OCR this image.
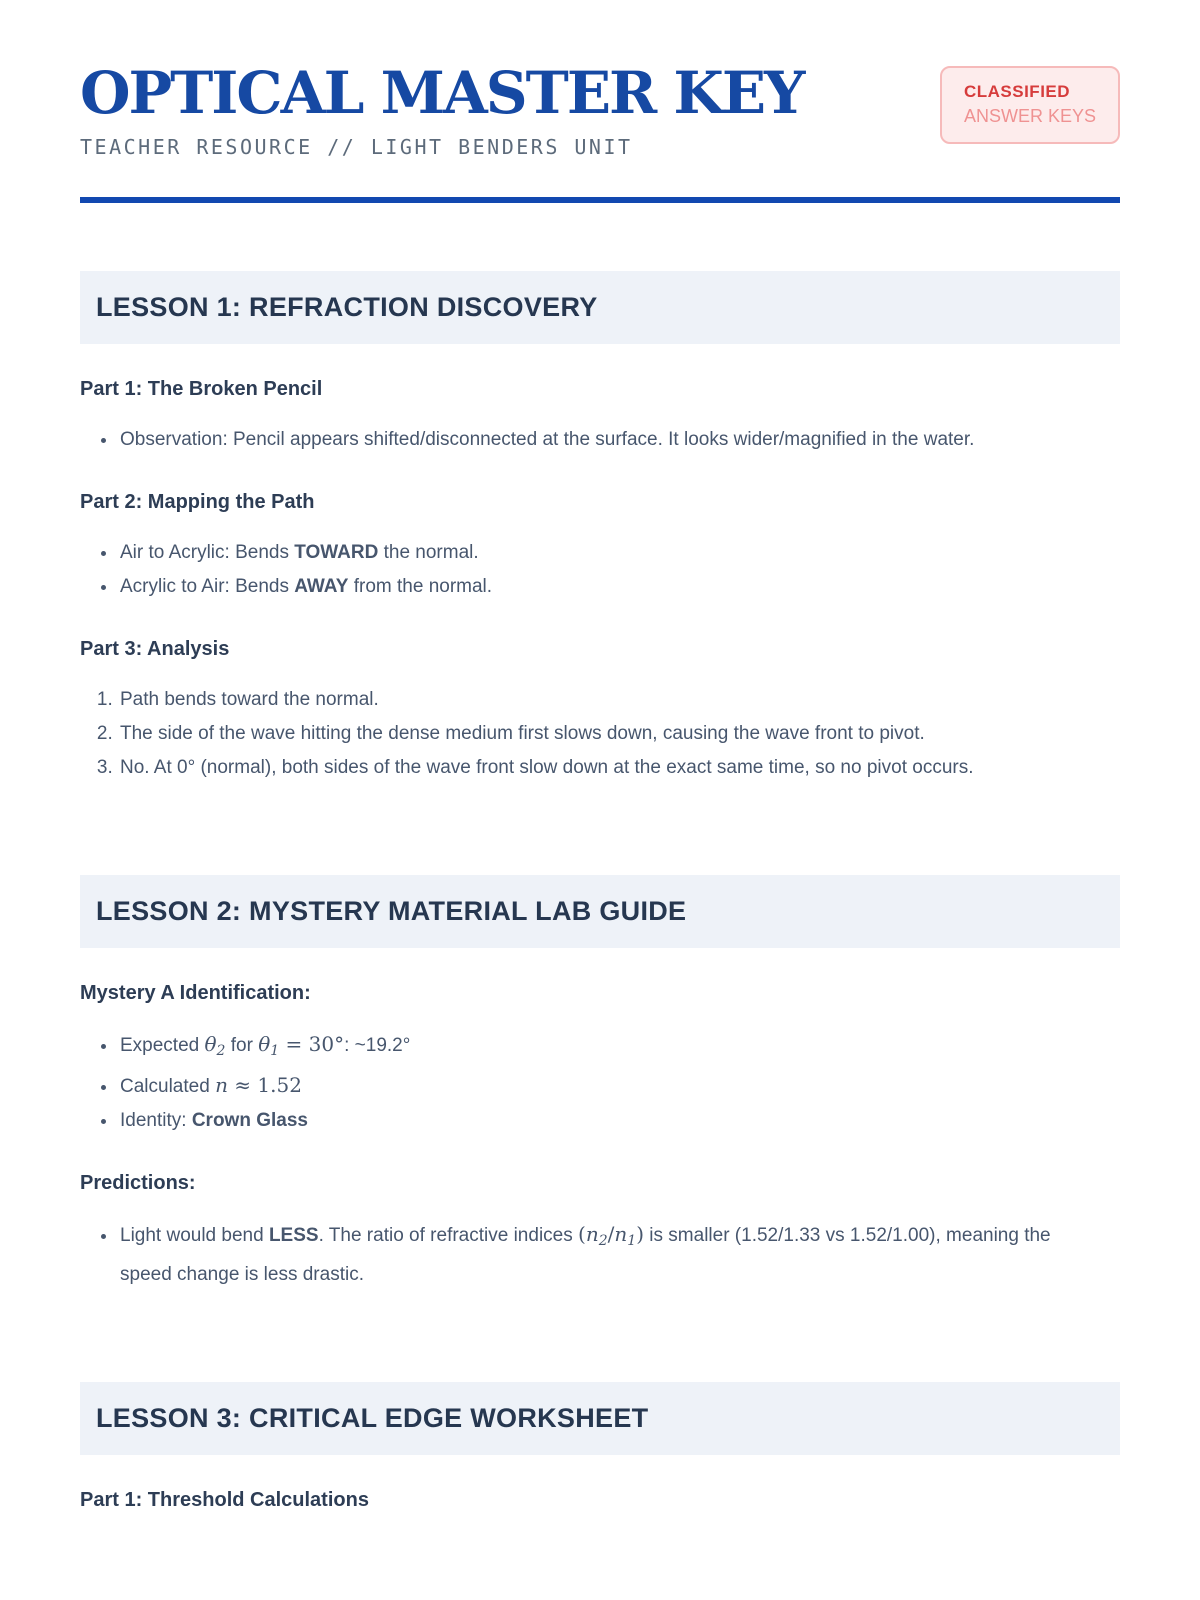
OPTICAL MASTER KEY
TEACHER RESOURCE // LIGHT BENDERS UNIT
CLASSIFIED
ANSWER KEYS
LESSON 1: REFRACTION DISCOVERY

Part 1: The Broken Pencil

• Observation: Pencil appears shifted/disconnected at the surface. It looks wider/magnified in the water.

Part 2: Mapping the Path

• Air to Acrylic: Bends TOWARD the normal.
• Acrylic to Air: Bends AWAY from the normal.

Part 3: Analysis

1. Path bends toward the normal.
2. The side of the wave hitting the dense medium first slows down, causing the wave front to pivot.
3. No. At 0° (normal), both sides of the wave front slow down at the exact same time, so no pivot occurs.
LESSON 2: MYSTERY MATERIAL LAB GUIDE

Mystery A Identification:

• Expected $\theta_2$ for $\theta_1 = 30^\circ$: ~19.2°
• Calculated n ≈ 1.52
• Identity: Crown Glass

Predictions:

• Light would bend LESS. The ratio of refractive indices $(n_2/n_1)$ is smaller (1.52/1.33 vs 1.52/1.00), meaning the speed change is less drastic.
LESSON 3: CRITICAL EDGE WORKSHEET

Part 1: Threshold Calculations
